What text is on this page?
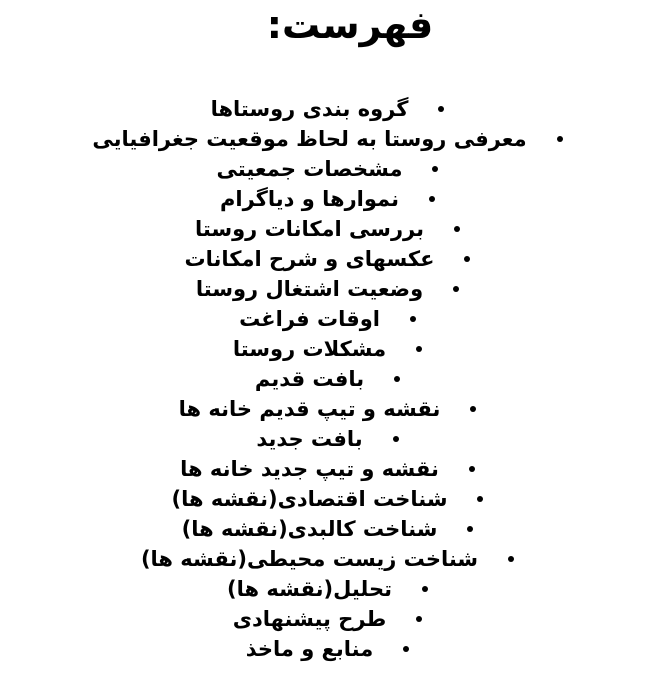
فهرست:
گروه بندی روستاها
معرفی روستا به لحاظ موقعیت جغرافیایی
مشخصات جمعیتی
نموارها و دیاگرام
بررسی امکانات روستا
عکسهای و شرح امکانات
وضعیت اشتغال روستا
اوقات فراغت
مشکلات روستا
بافت قدیم
نقشه و تیپ قدیم خانه ها
بافت جدید
نقشه و تیپ جدید خانه ها
شناخت اقتصادی(نقشه ها)
شناخت کالبدی(نقشه ها)
شناخت زیست محیطی(نقشه ها)
تحلیل(نقشه ها)
طرح پیشنهادی
منابع و ماخذ
